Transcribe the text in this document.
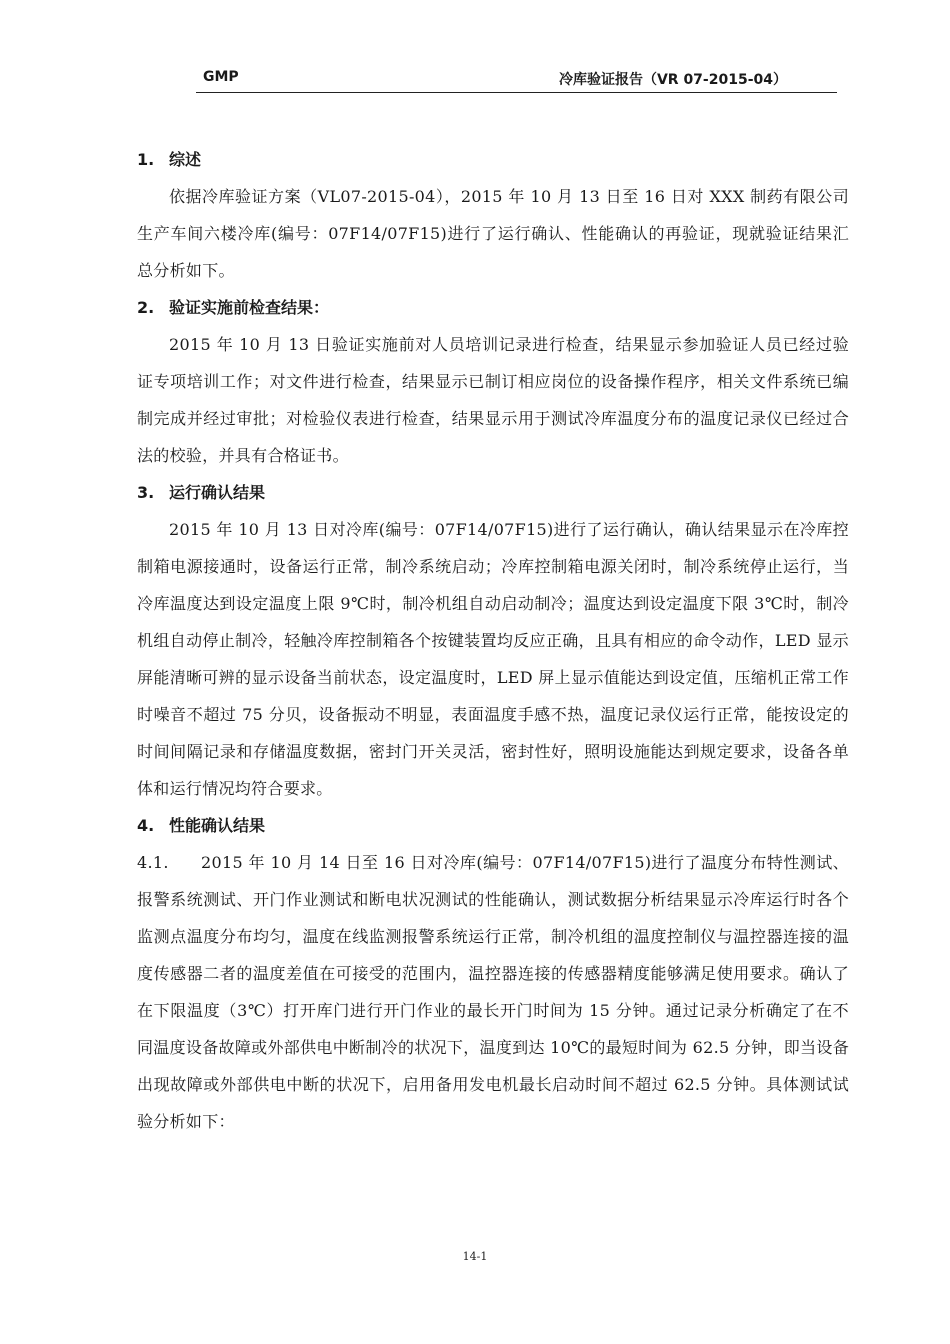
GMP	冷库验证报告（VR 07-2015-04）
1. 综述

依据冷库验证方案（VL07-2015-04），2015 年 10 月 13 日至 16 日对 XXX 制药有限公司生产车间六楼冷库(编号：07F14/07F15)进行了运行确认、性能确认的再验证，现就验证结果汇总分析如下。

2. 验证实施前检查结果：

2015 年 10 月 13 日验证实施前对人员培训记录进行检查，结果显示参加验证人员已经过验证专项培训工作；对文件进行检查，结果显示已制订相应岗位的设备操作程序，相关文件系统已编制完成并经过审批；对检验仪表进行检查，结果显示用于测试冷库温度分布的温度记录仪已经过合法的校验，并具有合格证书。

3. 运行确认结果

2015 年 10 月 13 日对冷库(编号：07F14/07F15)进行了运行确认，确认结果显示在冷库控制箱电源接通时，设备运行正常，制冷系统启动；冷库控制箱电源关闭时，制冷系统停止运行，当冷库温度达到设定温度上限 9℃时，制冷机组自动启动制冷；温度达到设定温度下限 3℃时，制冷机组自动停止制冷，轻触冷库控制箱各个按键装置均反应正确，且具有相应的命令动作，LED 显示屏能清晰可辨的显示设备当前状态，设定温度时，LED 屏上显示值能达到设定值，压缩机正常工作时噪音不超过 75 分贝，设备振动不明显，表面温度手感不热，温度记录仪运行正常，能按设定的时间间隔记录和存储温度数据，密封门开关灵活，密封性好，照明设施能达到规定要求，设备各单体和运行情况均符合要求。

4. 性能确认结果

4.1. 2015 年 10 月 14 日至 16 日对冷库(编号：07F14/07F15)进行了温度分布特性测试、报警系统测试、开门作业测试和断电状况测试的性能确认，测试数据分析结果显示冷库运行时各个监测点温度分布均匀，温度在线监测报警系统运行正常，制冷机组的温度控制仪与温控器连接的温度传感器二者的温度差值在可接受的范围内，温控器连接的传感器精度能够满足使用要求。确认了在下限温度（3℃）打开库门进行开门作业的最长开门时间为 15 分钟。通过记录分析确定了在不同温度设备故障或外部供电中断制冷的状况下，温度到达 10℃的最短时间为 62.5 分钟，即当设备出现故障或外部供电中断的状况下，启用备用发电机最长启动时间不超过 62.5 分钟。具体测试试验分析如下：

14-1
